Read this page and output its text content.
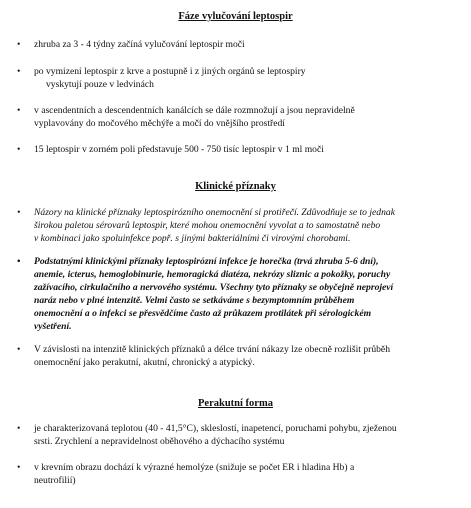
Fáze vylučování leptospir
• zhruba za 3 - 4 týdny začíná vylučování leptospir moči
• po vymizení leptospir z krve a postupně i z jiných orgánů se leptospiry
vyskytují pouze v ledvinách
• v ascendentních a descendentních kanálcích se dále rozmnožují a jsou nepravidelně
vyplavovány do močového měchýře a močí do vnějšího prostředí
• 15 leptospir v zorném poli představuje 500 - 750 tisíc leptospir v 1 ml moči
Klinické příznaky
• Názory na klinické příznaky leptospirózního onemocnění si protiřečí. Zdůvodňuje se to jednak
širokou paletou sérovarů leptospir, které mohou onemocnění vyvolat a to samostatně nebo
v kombinaci jako spoluinfekce popř. s jinými bakteriálními či virovými chorobami.
• Podstatnými klinickými příznaky leptospirózní infekce je horečka (trvá zhruba 5-6 dní),
anemie, icterus, hemoglobinurie, hemoragická diatéza, nekrózy sliznic a pokožky, poruchy
zažívacího, cirkulačního a nervového systému. Všechny tyto příznaky se obyčejně neprojeví
naráz nebo v plné intenzitě. Velmi často se setkáváme s bezymptomním průběhem
onemocnění a o infekci se přesvědčíme často až průkazem protilátek při sérologickém
vyšetření.
• V závislosti na intenzitě klinických příznaků a délce trvání nákazy lze obecně rozlišit průběh
onemocnění jako perakutní, akutní, chronický a atypický.
Perakutní forma
• je charakterizovaná teplotou (40 - 41,5°C), skleslostí, inapetencí, poruchami pohybu, zježenou
srsti. Zrychlení a nepravidelnost oběhového a dýchacího systému
• v krevním obrazu dochází k výrazné hemolýze (snižuje se počet ER i hladina Hb) a
neutrofilií)
